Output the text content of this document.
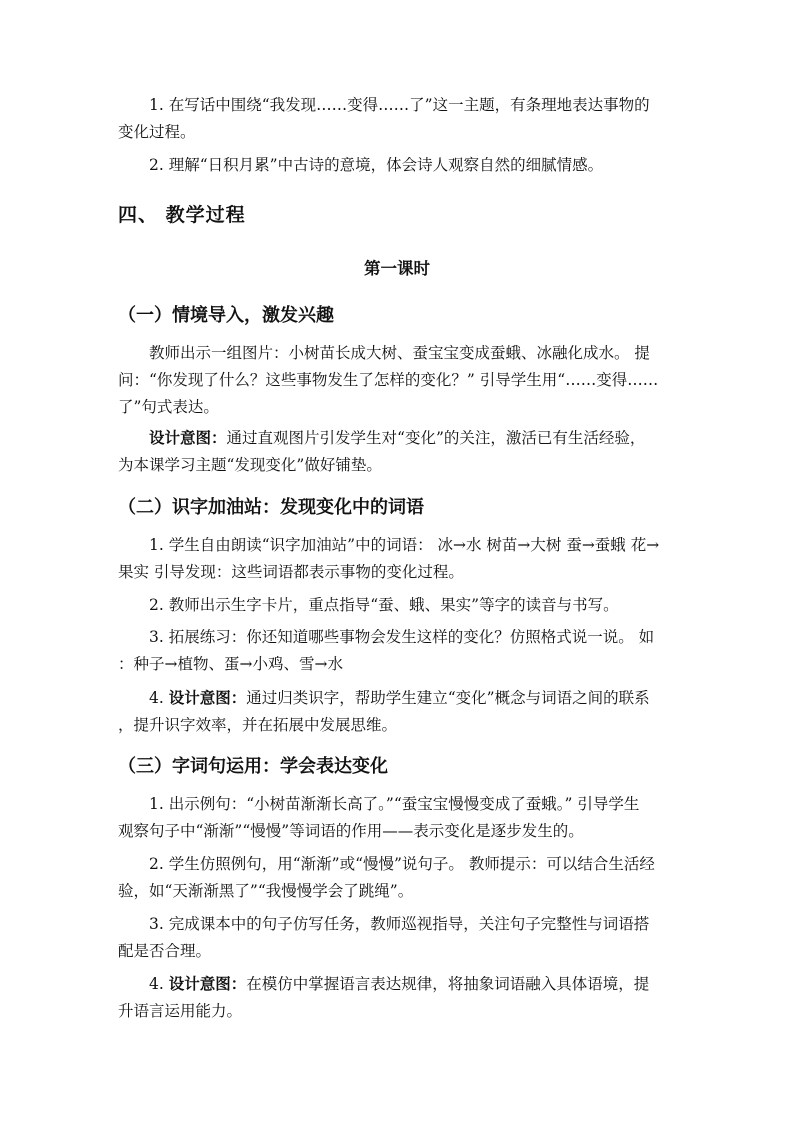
1. 在写话中围绕“我发现……变得……了”这一主题，有条理地表达事物的
变化过程。

2. 理解“日积月累”中古诗的意境，体会诗人观察自然的细腻情感。

四、 教学过程
第一课时
（一）情境导入，激发兴趣

教师出示一组图片：小树苗长成大树、蚕宝宝变成蚕蛾、冰融化成水。 提
问：“你发现了什么？这些事物发生了怎样的变化？” 引导学生用“……变得……
了”句式表达。

设计意图：通过直观图片引发学生对“变化”的关注，激活已有生活经验，
为本课学习主题“发现变化”做好铺垫。

（二）识字加油站：发现变化中的词语

1. 学生自由朗读“识字加油站”中的词语： 冰→水 树苗→大树 蚕→蚕蛾 花→
果实 引导发现：这些词语都表示事物的变化过程。

2. 教师出示生字卡片，重点指导“蚕、蛾、果实”等字的读音与书写。

3. 拓展练习：你还知道哪些事物会发生这样的变化？仿照格式说一说。 如
：种子→植物、蛋→小鸡、雪→水

4. 设计意图：通过归类识字，帮助学生建立“变化”概念与词语之间的联系
，提升识字效率，并在拓展中发展思维。

（三）字词句运用：学会表达变化

1. 出示例句：“小树苗渐渐长高了。”“蚕宝宝慢慢变成了蚕蛾。” 引导学生
观察句子中“渐渐”“慢慢”等词语的作用——表示变化是逐步发生的。

2. 学生仿照例句，用“渐渐”或“慢慢”说句子。 教师提示：可以结合生活经
验，如“天渐渐黑了”“我慢慢学会了跳绳”。

3. 完成课本中的句子仿写任务，教师巡视指导，关注句子完整性与词语搭
配是否合理。

4. 设计意图：在模仿中掌握语言表达规律，将抽象词语融入具体语境，提
升语言运用能力。
